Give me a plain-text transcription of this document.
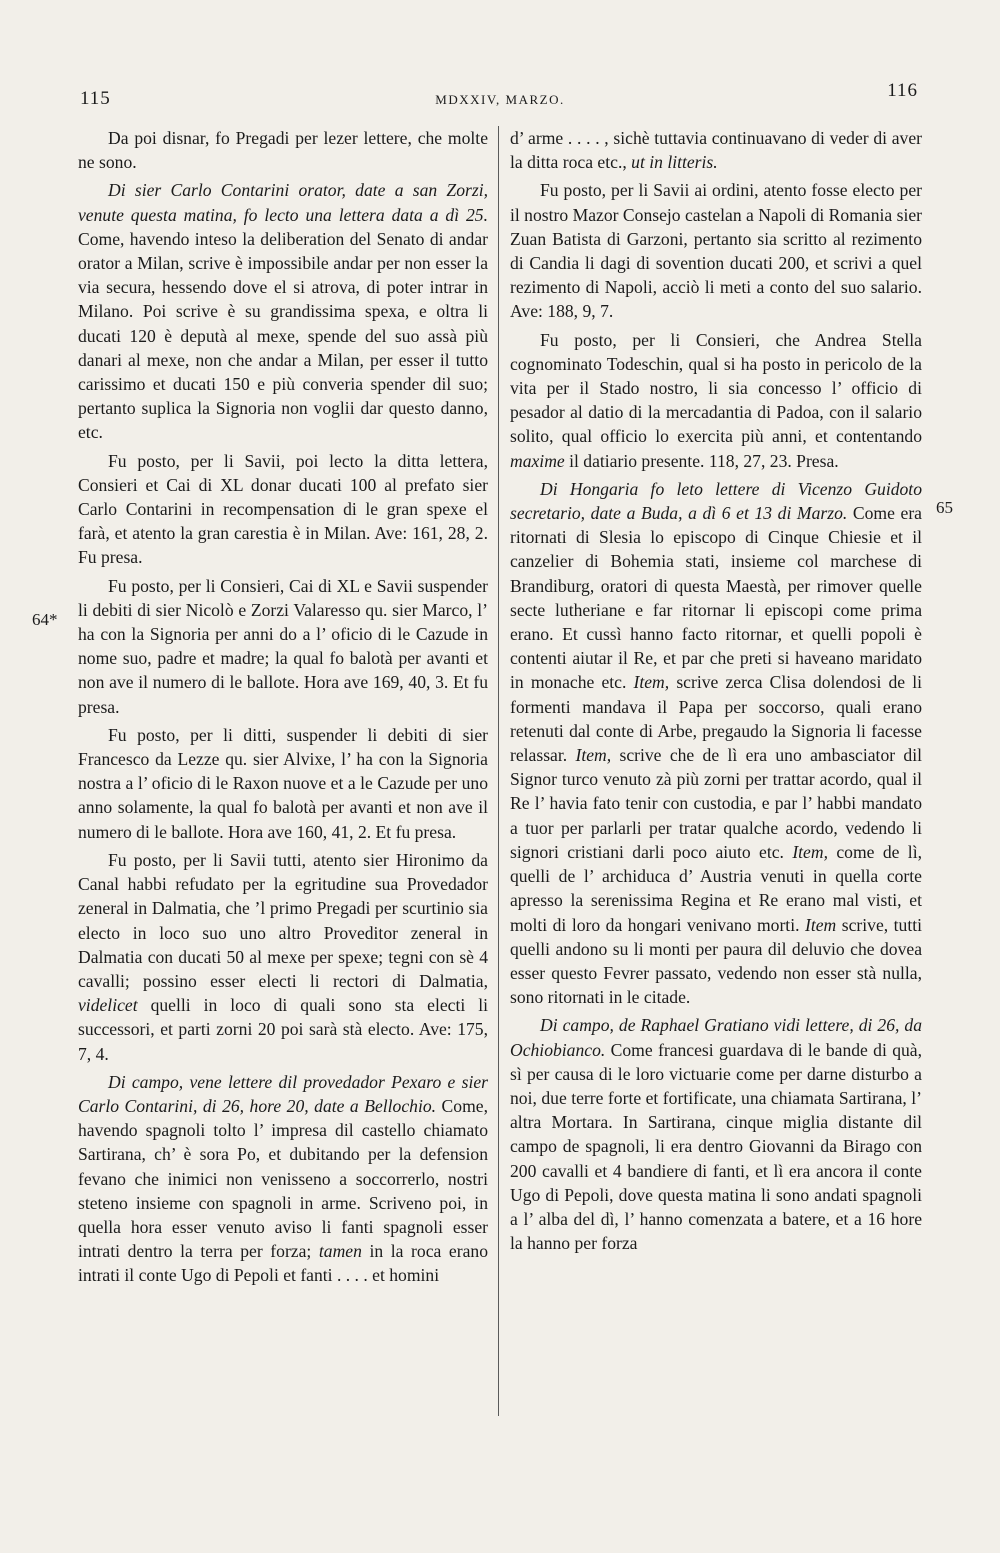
115	MDXXIV, MARZO.	116
64*
65

Da poi disnar, fo Pregadi per lezer lettere, che molte ne sono.

Di sier Carlo Contarini orator, date a san Zorzi, venute questa matina, fo lecto una lettera data a dì 25. Come, havendo inteso la deliberation del Senato di andar orator a Milan, scrive è impossibile andar per non esser la via secura, hessendo dove el si atrova, di poter intrar in Milano. Poi scrive è su grandissima spexa, e oltra li ducati 120 è deputà al mexe, spende del suo assà più danari al mexe, non che andar a Milan, per esser il tutto carissimo et ducati 150 e più converia spender dil suo; pertanto suplica la Signoria non voglii dar questo danno, etc.

Fu posto, per li Savii, poi lecto la ditta lettera, Consieri et Cai di XL donar ducati 100 al prefato sier Carlo Contarini in recompensation di le gran spexe el farà, et atento la gran carestia è in Milan. Ave: 161, 28, 2. Fu presa.

Fu posto, per li Consieri, Cai di XL e Savii suspender li debiti di sier Nicolò e Zorzi Valaresso qu. sier Marco, l’ ha con la Signoria per anni do a l’ oficio di le Cazude in nome suo, padre et madre; la qual fo balotà per avanti et non ave il numero di le ballote. Hora ave 169, 40, 3. Et fu presa.

Fu posto, per li ditti, suspender li debiti di sier Francesco da Lezze qu. sier Alvixe, l’ ha con la Signoria nostra a l’ oficio di le Raxon nuove et a le Cazude per uno anno solamente, la qual fo balotà per avanti et non ave il numero di le ballote. Hora ave 160, 41, 2. Et fu presa.

Fu posto, per li Savii tutti, atento sier Hironimo da Canal habbi refudato per la egritudine sua Provedador zeneral in Dalmatia, che ’l primo Pregadi per scurtinio sia electo in loco suo uno altro Proveditor zeneral in Dalmatia con ducati 50 al mexe per spexe; tegni con sè 4 cavalli; possino esser electi li rectori di Dalmatia, videlicet quelli in loco di quali sono sta electi li successori, et parti zorni 20 poi sarà stà electo. Ave: 175, 7, 4.

Di campo, vene lettere dil provedador Pexaro e sier Carlo Contarini, di 26, hore 20, date a Bellochio. Come, havendo spagnoli tolto l’ impresa dil castello chiamato Sartirana, ch’ è sora Po, et dubitando per la defension fevano che inimici non venisseno a soccorrerlo, nostri steteno insieme con spagnoli in arme. Scriveno poi, in quella hora esser venuto aviso li fanti spagnoli esser intrati dentro la terra per forza; tamen in la roca erano intrati il conte Ugo di Pepoli et fanti . . . . et homini

d’ arme . . . . , sichè tuttavia continuavano di veder di aver la ditta roca etc., ut in litteris.

Fu posto, per li Savii ai ordini, atento fosse electo per il nostro Mazor Consejo castelan a Napoli di Romania sier Zuan Batista di Garzoni, pertanto sia scritto al rezimento di Candia li dagi di sovention ducati 200, et scrivi a quel rezimento di Napoli, acciò li meti a conto del suo salario. Ave: 188, 9, 7.

Fu posto, per li Consieri, che Andrea Stella cognominato Todeschin, qual si ha posto in pericolo de la vita per il Stado nostro, li sia concesso l’ officio di pesador al datio di la mercadantia di Padoa, con il salario solito, qual officio lo exercita più anni, et contentando maxime il datiario presente. 118, 27, 23. Presa.

Di Hongaria fo leto lettere di Vicenzo Guidoto secretario, date a Buda, a dì 6 et 13 di Marzo. Come era ritornati di Slesia lo episcopo di Cinque Chiesie et il canzelier di Bohemia stati, insieme col marchese di Brandiburg, oratori di questa Maestà, per rimover quelle secte lutheriane e far ritornar li episcopi come prima erano. Et cussì hanno facto ritornar, et quelli popoli è contenti aiutar il Re, et par che preti si haveano maridato in monache etc. Item, scrive zerca Clisa dolendosi de li formenti mandava il Papa per soccorso, quali erano retenuti dal conte di Arbe, pregaudo la Signoria li facesse relassar. Item, scrive che de lì era uno ambasciator dil Signor turco venuto zà più zorni per trattar acordo, qual il Re l’ havia fato tenir con custodia, e par l’ habbi mandato a tuor per parlarli per tratar qualche acordo, vedendo li signori cristiani darli poco aiuto etc. Item, come de lì, quelli de l’ archiduca d’ Austria venuti in quella corte apresso la serenissima Regina et Re erano mal visti, et molti di loro da hongari venivano morti. Item scrive, tutti quelli andono su li monti per paura dil deluvio che dovea esser questo Fevrer passato, vedendo non esser stà nulla, sono ritornati in le citade.

Di campo, de Raphael Gratiano vidi lettere, di 26, da Ochiobianco. Come francesi guardava di le bande di quà, sì per causa di le loro victuarie come per darne disturbo a noi, due terre forte et fortificate, una chiamata Sartirana, l’ altra Mortara. In Sartirana, cinque miglia distante dil campo de spagnoli, li era dentro Giovanni da Birago con 200 cavalli et 4 bandiere di fanti, et lì era ancora il conte Ugo di Pepoli, dove questa matina li sono andati spagnoli a l’ alba del dì, l’ hanno comenzata a batere, et a 16 hore la hanno per forza
